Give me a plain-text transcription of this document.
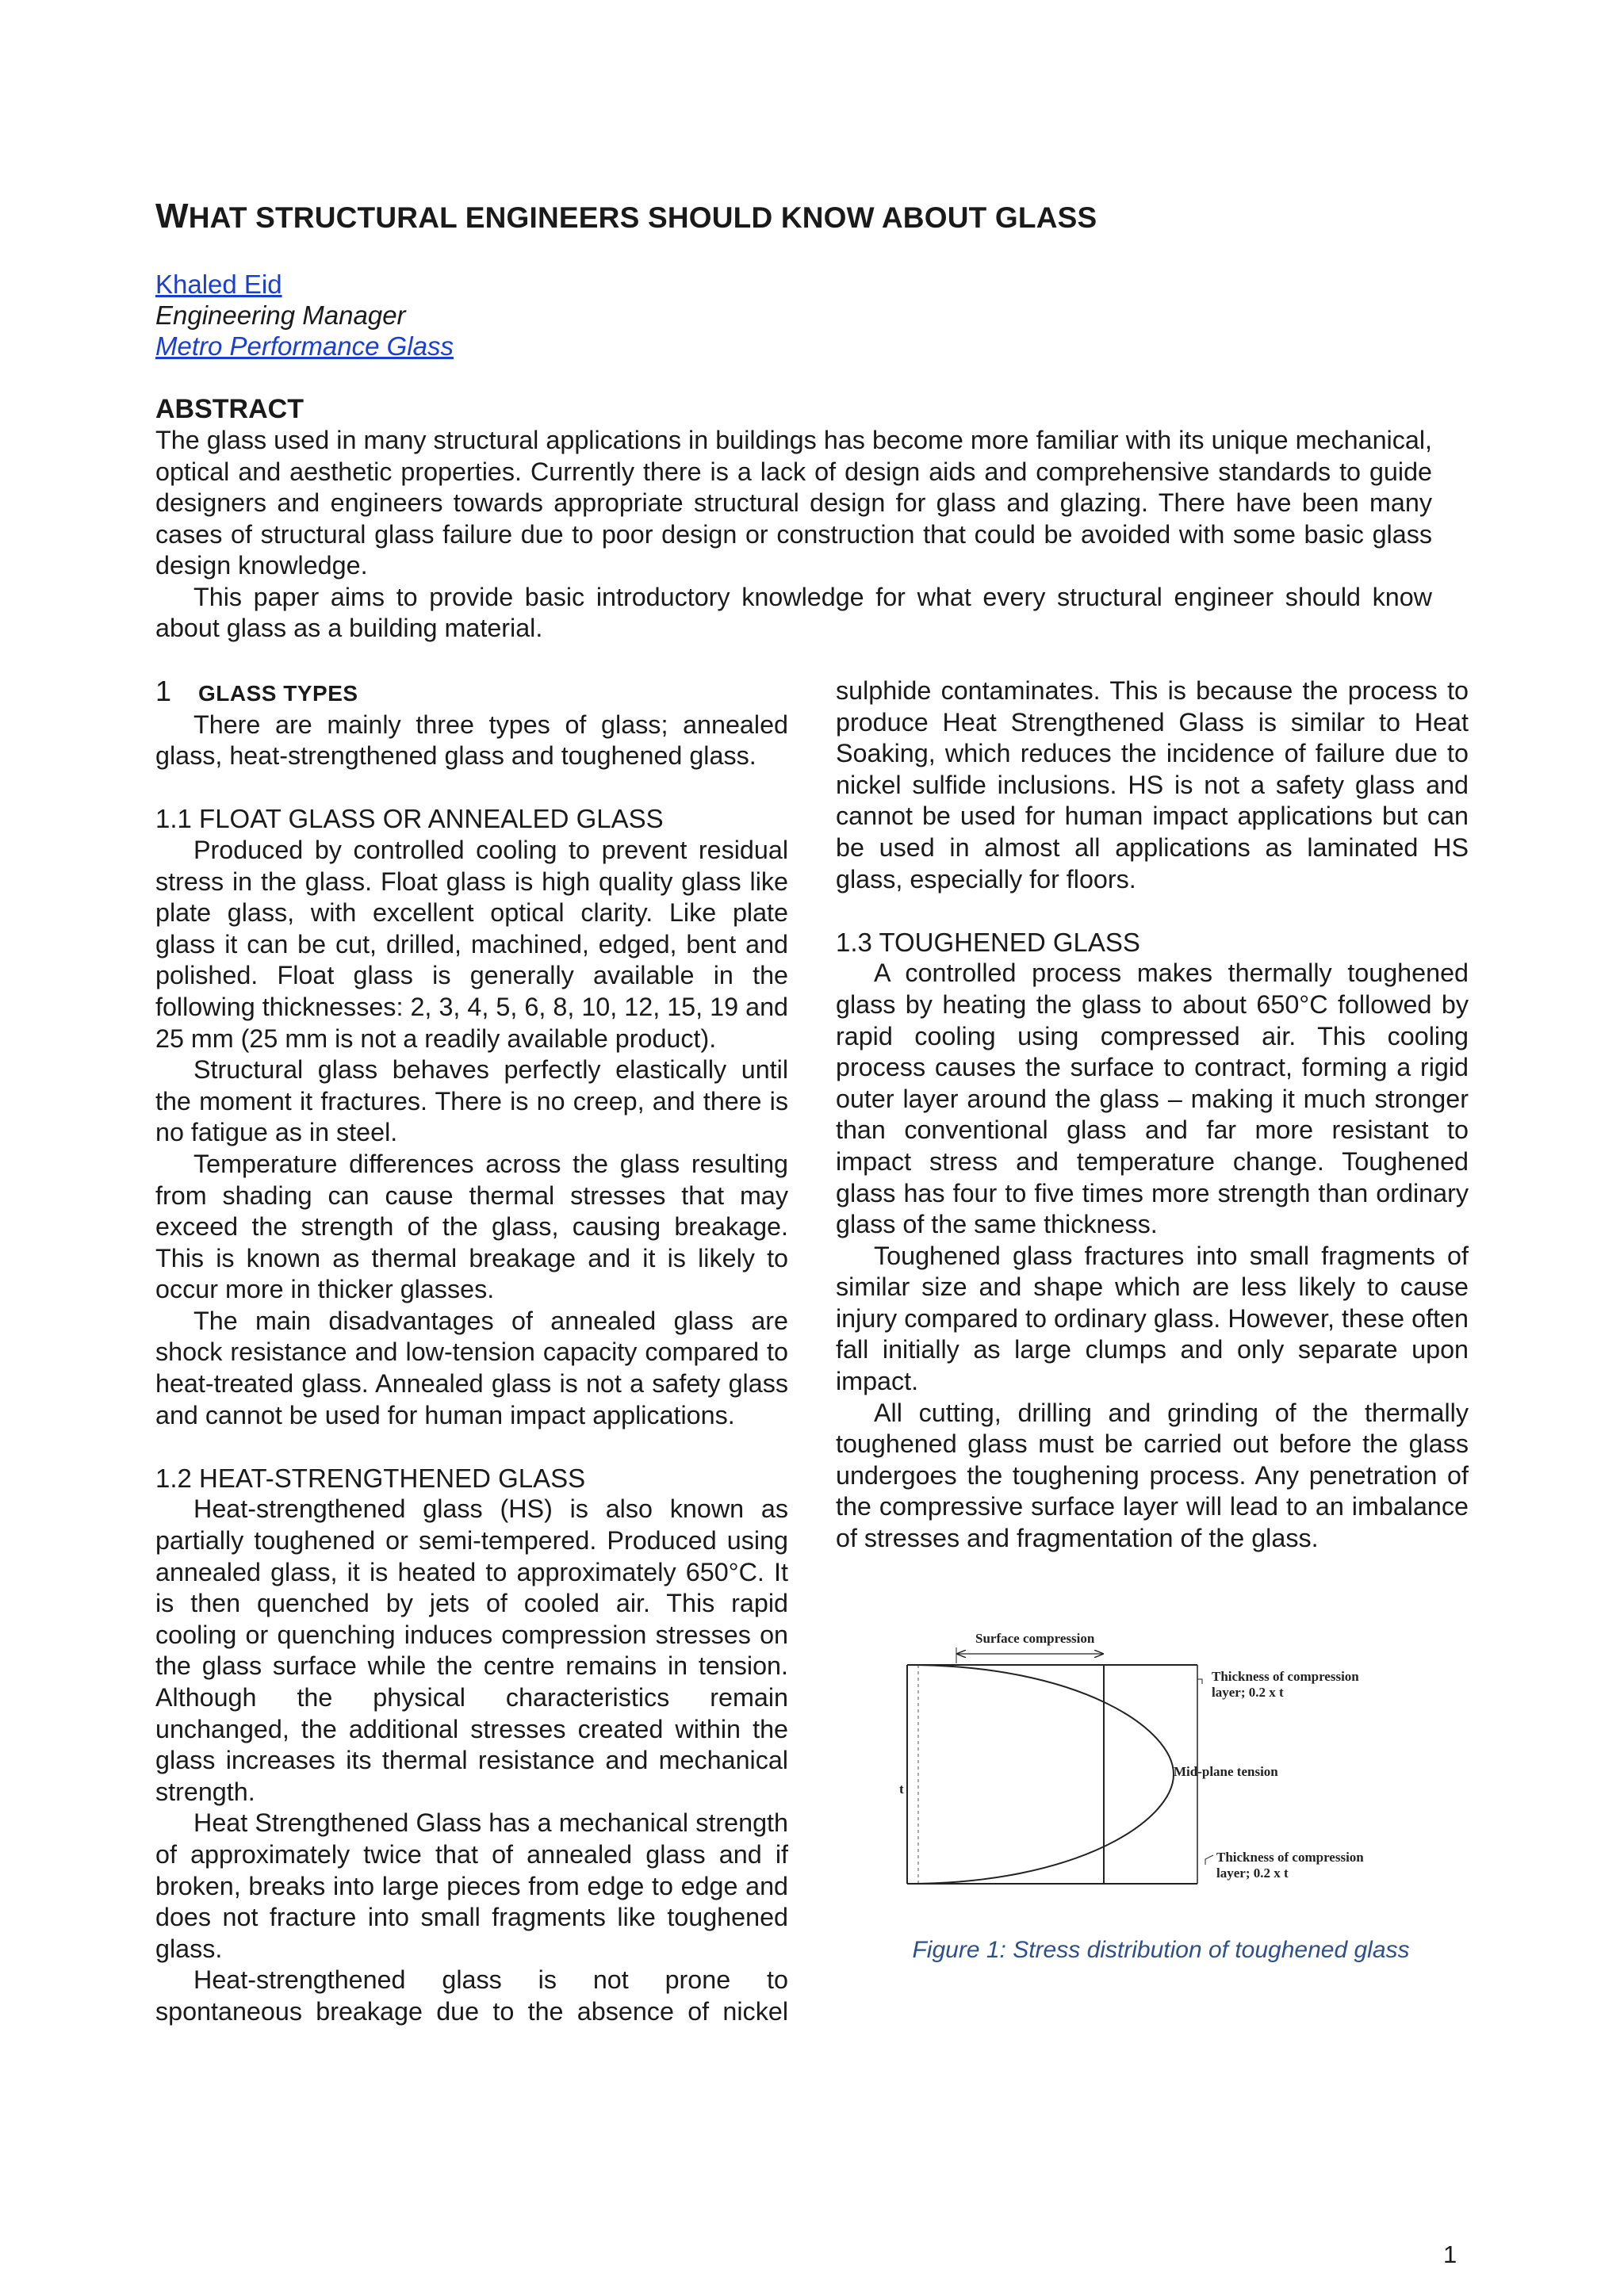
WHAT STRUCTURAL ENGINEERS SHOULD KNOW ABOUT GLASS
Khaled Eid
Engineering Manager
Metro Performance Glass
ABSTRACT

The glass used in many structural applications in buildings has become more familiar with its unique mechanical, optical and aesthetic properties. Currently there is a lack of design aids and comprehensive standards to guide designers and engineers towards appropriate structural design for glass and glazing. There have been many cases of structural glass failure due to poor design or construction that could be avoided with some basic glass design knowledge.

This paper aims to provide basic introductory knowledge for what every structural engineer should know about glass as a building material.

1 GLASS TYPES

There are mainly three types of glass; annealed glass, heat-strengthened glass and toughened glass.

1.1 FLOAT GLASS OR ANNEALED GLASS

Produced by controlled cooling to prevent residual stress in the glass. Float glass is high quality glass like plate glass, with excellent optical clarity. Like plate glass it can be cut, drilled, machined, edged, bent and polished. Float glass is generally available in the following thicknesses: 2, 3, 4, 5, 6, 8, 10, 12, 15, 19 and 25 mm (25 mm is not a readily available product).

Structural glass behaves perfectly elastically until the moment it fractures. There is no creep, and there is no fatigue as in steel.

Temperature differences across the glass resulting from shading can cause thermal stresses that may exceed the strength of the glass, causing breakage. This is known as thermal breakage and it is likely to occur more in thicker glasses.

The main disadvantages of annealed glass are shock resistance and low-tension capacity compared to heat-treated glass. Annealed glass is not a safety glass and cannot be used for human impact applications.

1.2 HEAT-STRENGTHENED GLASS

Heat-strengthened glass (HS) is also known as partially toughened or semi-tempered. Produced using annealed glass, it is heated to approximately 650°C. It is then quenched by jets of cooled air. This rapid cooling or quenching induces compression stresses on the glass surface while the centre remains in tension. Although the physical characteristics remain unchanged, the additional stresses created within the glass increases its thermal resistance and mechanical strength.

Heat Strengthened Glass has a mechanical strength of approximately twice that of annealed glass and if broken, breaks into large pieces from edge to edge and does not fracture into small fragments like toughened glass.

Heat-strengthened glass is not prone to spontaneous breakage due to the absence of nickel

sulphide contaminates. This is because the process to produce Heat Strengthened Glass is similar to Heat Soaking, which reduces the incidence of failure due to nickel sulfide inclusions. HS is not a safety glass and cannot be used for human impact applications but can be used in almost all applications as laminated HS glass, especially for floors.

1.3 TOUGHENED GLASS

A controlled process makes thermally toughened glass by heating the glass to about 650°C followed by rapid cooling using compressed air. This cooling process causes the surface to contract, forming a rigid outer layer around the glass – making it much stronger than conventional glass and far more resistant to impact stress and temperature change. Toughened glass has four to five times more strength than ordinary glass of the same thickness.

Toughened glass fractures into small fragments of similar size and shape which are less likely to cause injury compared to ordinary glass. However, these often fall initially as large clumps and only separate upon impact.

All cutting, drilling and grinding of the thermally toughened glass must be carried out before the glass undergoes the toughening process. Any penetration of the compressive surface layer will lead to an imbalance of stresses and fragmentation of the glass.

Surface compression
Thickness of compression
layer; 0.2 x t
Mid-plane tension
Thickness of compression
layer; 0.2 x t
t
Figure 1: Stress distribution of toughened glass
1
